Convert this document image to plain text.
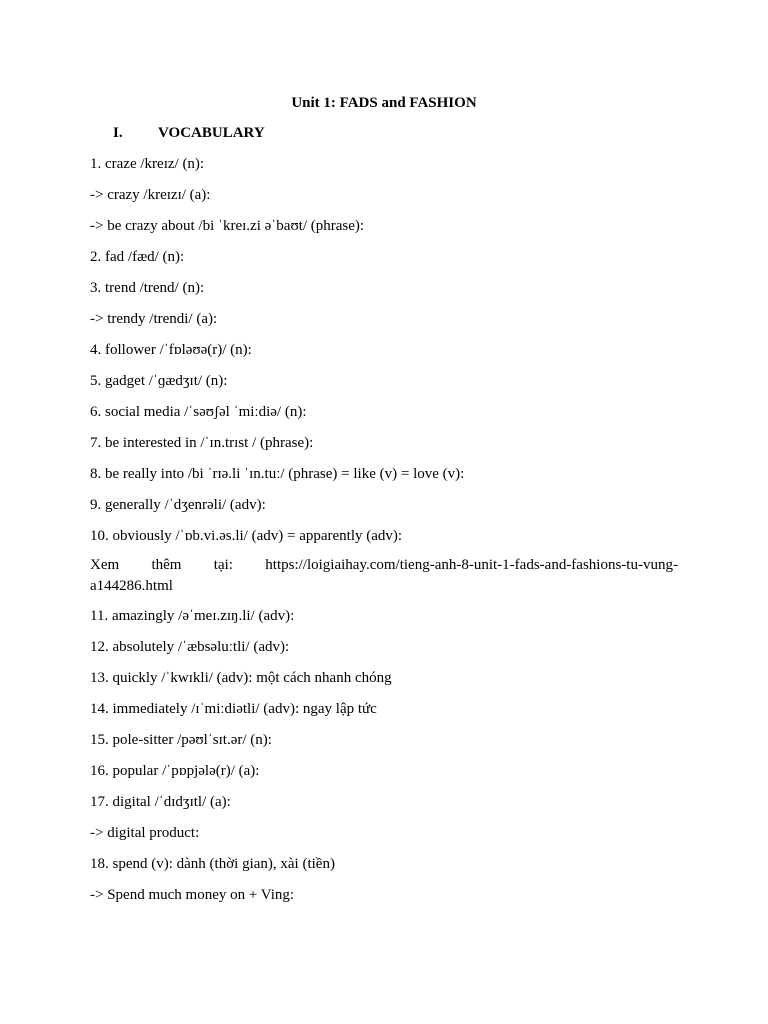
Unit 1: FADS and FASHION
I.	VOCABULARY
1. craze /kreɪz/ (n):
-> crazy /kreɪzɪ/ (a):
-> be crazy about /bi ˈkreɪ.zi əˈbaʊt/ (phrase):
2. fad /fæd/ (n):
3. trend /trend/ (n):
-> trendy /trendi/ (a):
4. follower /ˈfɒləʊə(r)/ (n):
5. gadget /ˈɡædʒɪt/ (n):
6. social media /ˈsəʊʃəl ˈmiːdiə/ (n):
7. be interested in /ˈɪn.trɪst / (phrase):
8. be really into /bi ˈrɪə.li ˈɪn.tuː/ (phrase) = like (v) = love (v):
9. generally /ˈdʒenrəli/ (adv):
10. obviously /ˈɒb.vi.əs.li/ (adv) = apparently (adv):
Xem thêm tại: https://loigiaihay.com/tieng-anh-8-unit-1-fads-and-fashions-tu-vung-
a144286.html
11. amazingly /əˈmeɪ.zɪŋ.li/ (adv):
12. absolutely /ˈæbsəluːtli/ (adv):
13. quickly /ˈkwɪkli/ (adv): một cách nhanh chóng
14. immediately /ɪˈmiːdiətli/ (adv): ngay lập tức
15. pole-sitter /pəʊlˈsɪt.ər/ (n):
16. popular /ˈpɒpjələ(r)/ (a):
17. digital /ˈdɪdʒɪtl/ (a):
-> digital product:
18. spend (v): dành (thời gian), xài (tiền)
-> Spend much money on + Ving:
